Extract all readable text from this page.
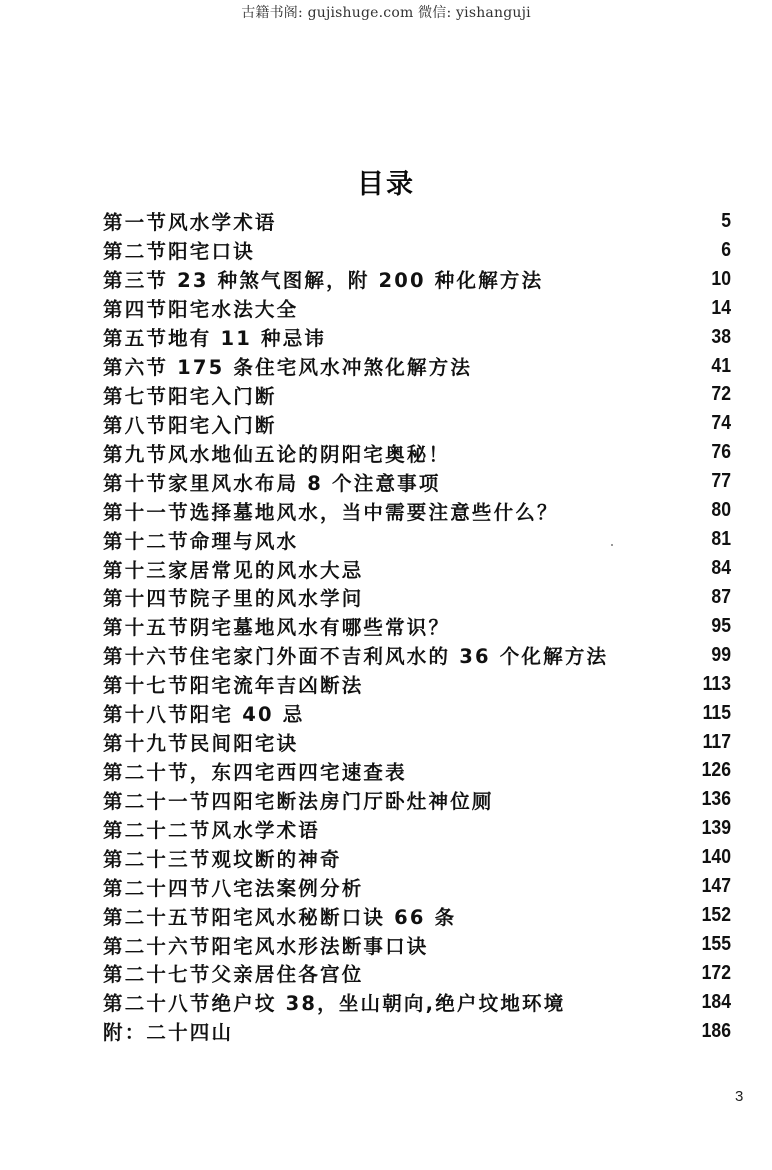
古籍书阁: gujishuge.com 微信: yishanguji
目录
第一节风水学术语	5
第二节阳宅口诀	6
第三节 23 种煞气图解，附 200 种化解方法	10
第四节阳宅水法大全	14
第五节地有 11 种忌讳	38
第六节 175 条住宅风水冲煞化解方法	41
第七节阳宅入门断	72
第八节阳宅入门断	74
第九节风水地仙五论的阴阳宅奥秘！	76
第十节家里风水布局 8 个注意事项	77
第十一节选择墓地风水，当中需要注意些什么？	80
第十二节命理与风水	81
第十三家居常见的风水大忌	84
第十四节院子里的风水学问	87
第十五节阴宅墓地风水有哪些常识？	95
第十六节住宅家门外面不吉利风水的 36 个化解方法	99
第十七节阳宅流年吉凶断法	113
第十八节阳宅 40 忌	115
第十九节民间阳宅诀	117
第二十节，东四宅西四宅速查表	126
第二十一节四阳宅断法房门厅卧灶神位厕	136
第二十二节风水学术语	139
第二十三节观坟断的神奇	140
第二十四节八宅法案例分析	147
第二十五节阳宅风水秘断口诀 66 条	152
第二十六节阳宅风水形法断事口诀	155
第二十七节父亲居住各宫位	172
第二十八节绝户坟 38，坐山朝向,绝户坟地环境	184
附：二十四山	186
3
